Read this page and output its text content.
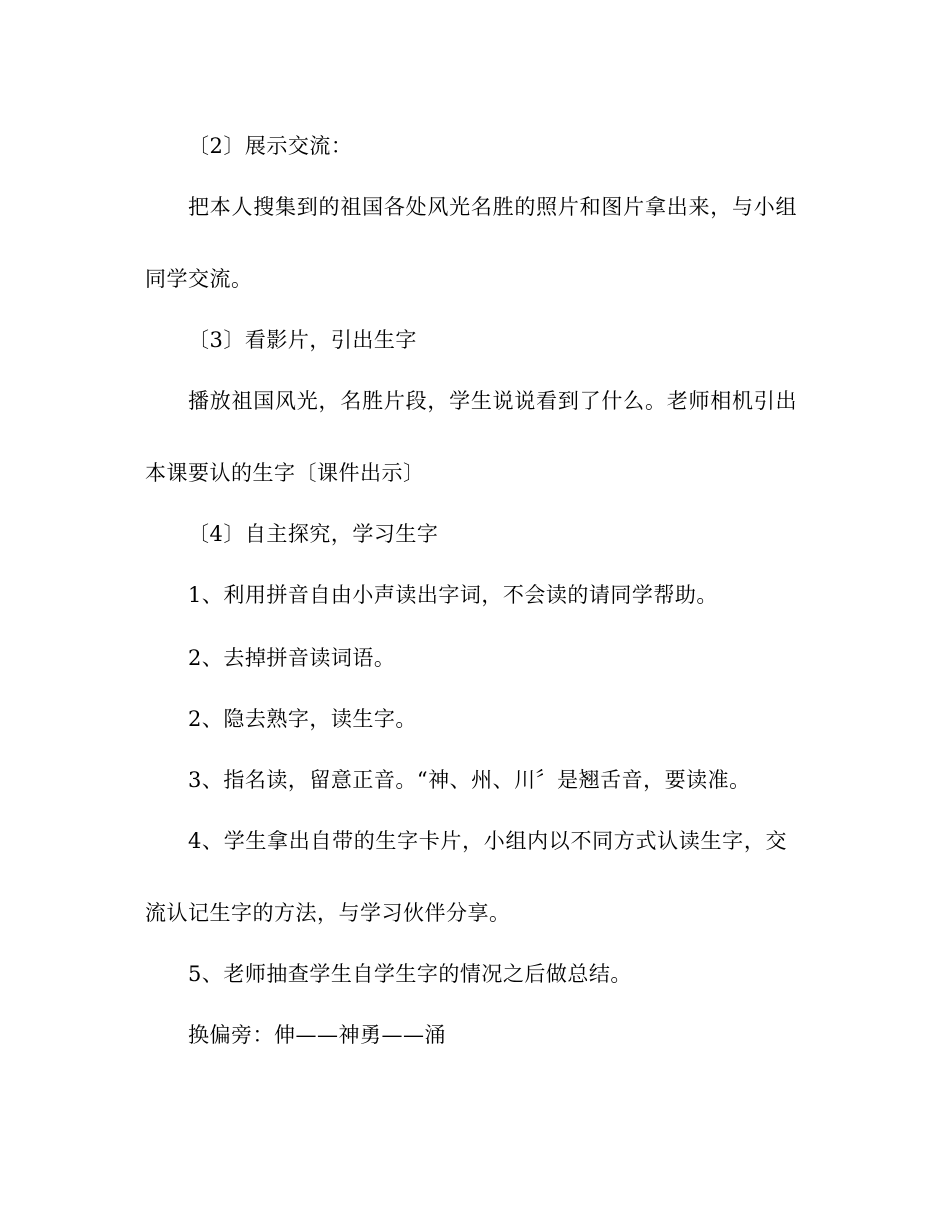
〔2〕展示交流：
把本人搜集到的祖国各处风光名胜的照片和图片拿出来，与小组
同学交流。
〔3〕看影片，引出生字
播放祖国风光，名胜片段，学生说说看到了什么。老师相机引出
本课要认的生字〔课件出示〕
〔4〕自主探究，学习生字
1、利用拼音自由小声读出字词，不会读的请同学帮助。
2、去掉拼音读词语。
2、隐去熟字，读生字。
3、指名读，留意正音。“神、州、川〞是翘舌音，要读准。
4、学生拿出自带的生字卡片，小组内以不同方式认读生字，交
流认记生字的方法，与学习伙伴分享。
5、老师抽查学生自学生字的情况之后做总结。
换偏旁：伸——神勇——涌
